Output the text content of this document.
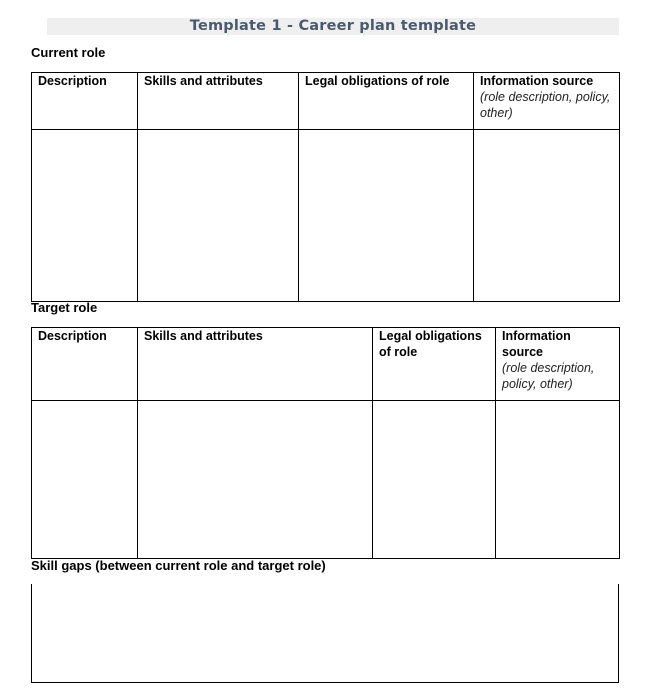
Template 1 - Career plan template
Current role
Description	Skills and attributes	Legal obligations of role	Information source
(role description, policy, other)

Target role
Description	Skills and attributes	Legal obligations of role	Information source
(role description, policy, other)

Skill gaps (between current role and target role)
